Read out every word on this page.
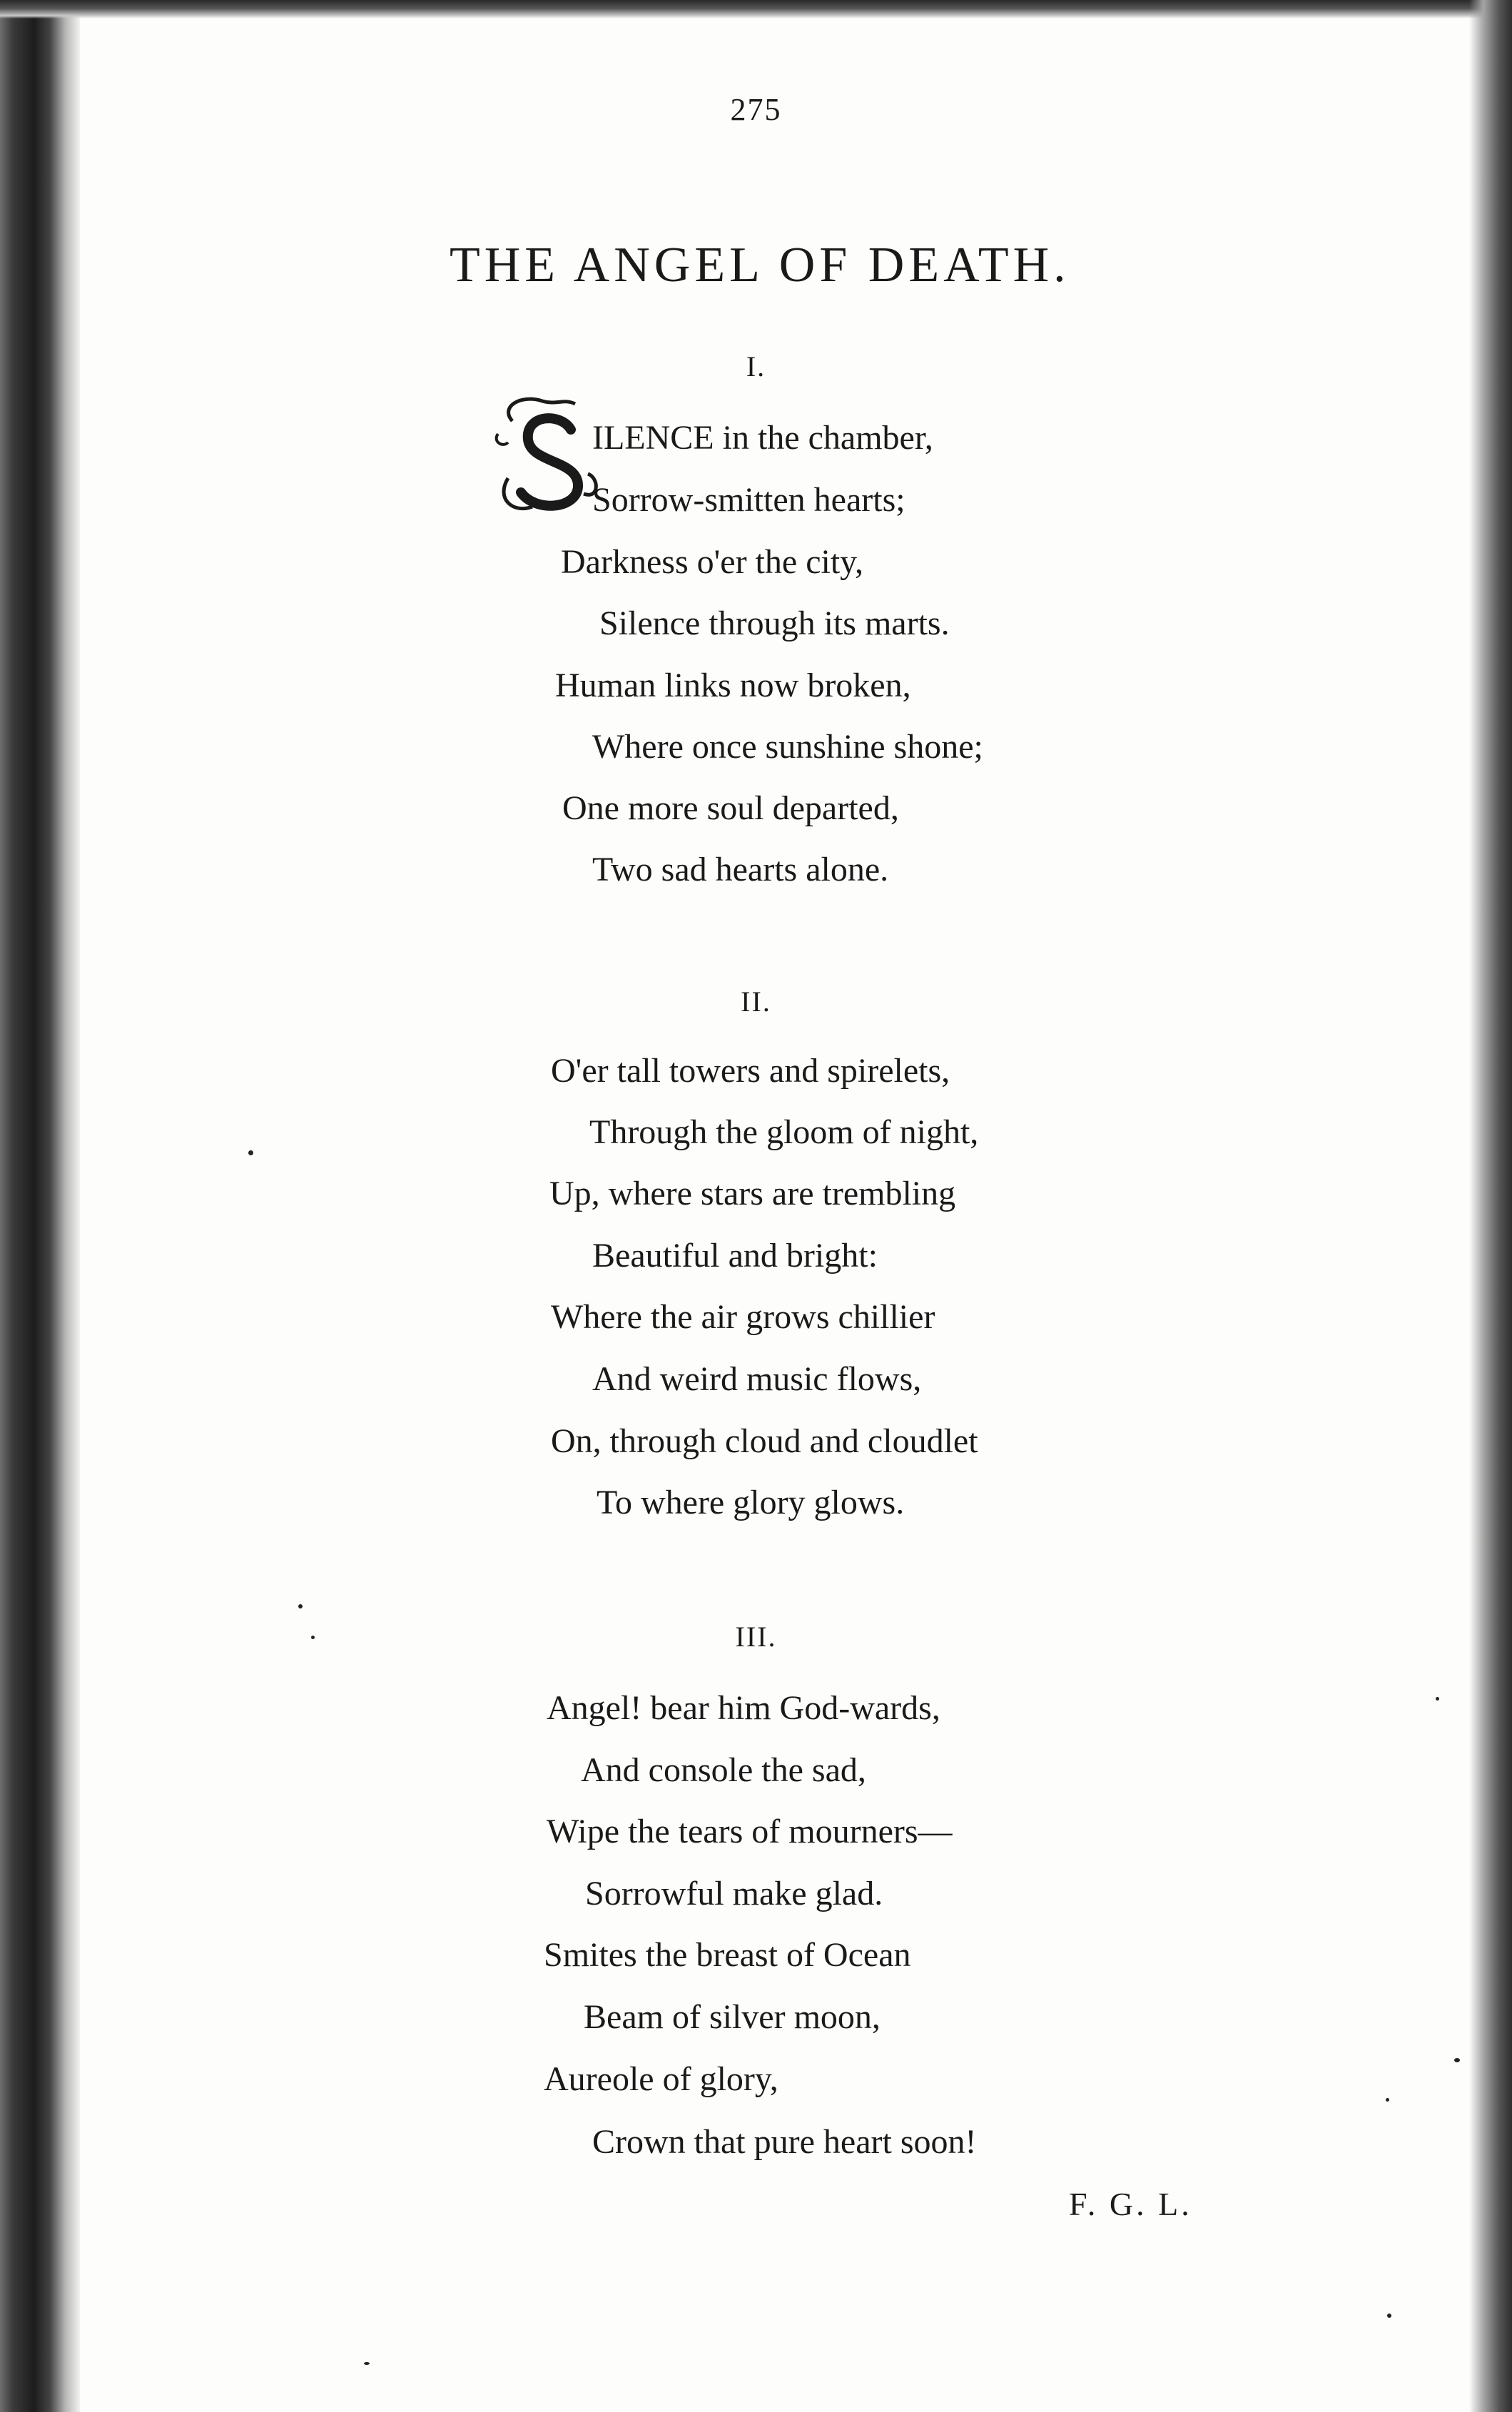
275
THE ANGEL OF DEATH.
I.
ILENCE in the chamber,
Sorrow-smitten hearts;
Darkness o'er the city,
Silence through its marts.
Human links now broken,
Where once sunshine shone;
One more soul departed,
Two sad hearts alone.
II.
O'er tall towers and spirelets,
Through the gloom of night,
Up, where stars are trembling
Beautiful and bright:
Where the air grows chillier
And weird music flows,
On, through cloud and cloudlet
To where glory glows.
III.
Angel! bear him God-wards,
And console the sad,
Wipe the tears of mourners—
Sorrowful make glad.
Smites the breast of Ocean
Beam of silver moon,
Aureole of glory,
Crown that pure heart soon!
F. G. L.
